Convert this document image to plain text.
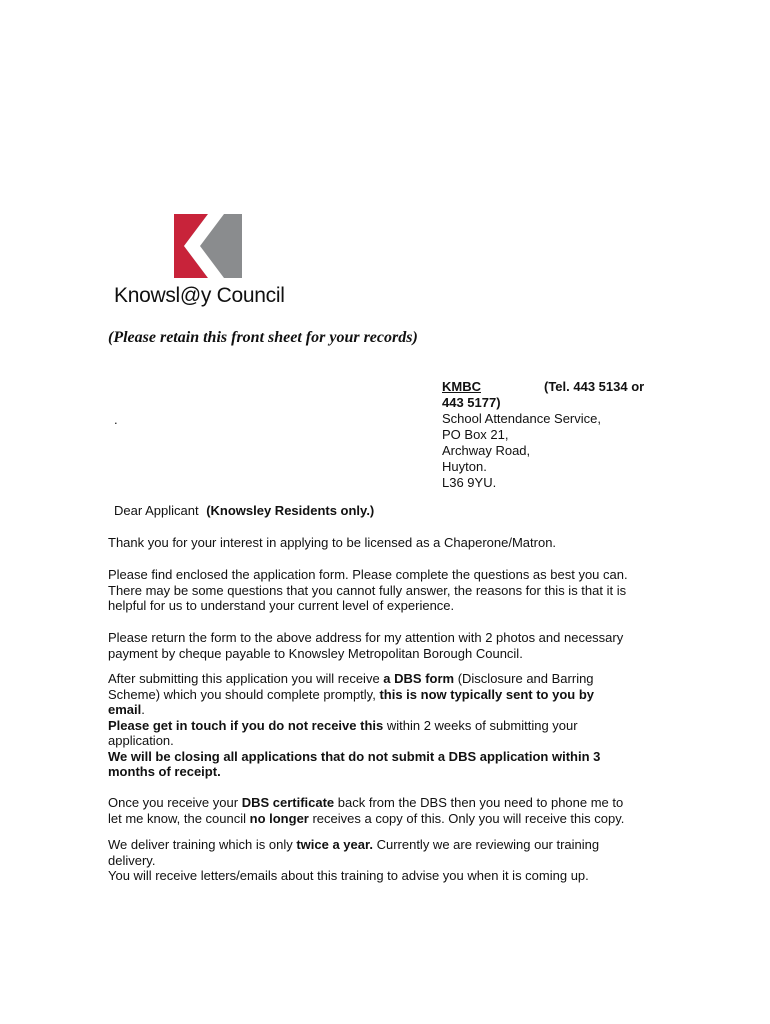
Knowsl@y Council
(Please retain this front sheet for your records)
KMBC	(Tel. 443 5134 or
443 5177)
School Attendance Service,
PO Box 21,
Archway Road,
Huyton.
L36 9YU.
.
Dear Applicant (Knowsley Residents only.)
Thank you for your interest in applying to be licensed as a Chaperone/Matron.
Please find enclosed the application form. Please complete the questions as best you can.
There may be some questions that you cannot fully answer, the reasons for this is that it is
helpful for us to understand your current level of experience.
Please return the form to the above address for my attention with 2 photos and necessary
payment by cheque payable to Knowsley Metropolitan Borough Council.
After submitting this application you will receive a DBS form (Disclosure and Barring
Scheme) which you should complete promptly, this is now typically sent to you by
email.
Please get in touch if you do not receive this within 2 weeks of submitting your
application.
We will be closing all applications that do not submit a DBS application within 3
months of receipt.
Once you receive your DBS certificate back from the DBS then you need to phone me to
let me know, the council no longer receives a copy of this. Only you will receive this copy.
We deliver training which is only twice a year. Currently we are reviewing our training
delivery.
You will receive letters/emails about this training to advise you when it is coming up.
